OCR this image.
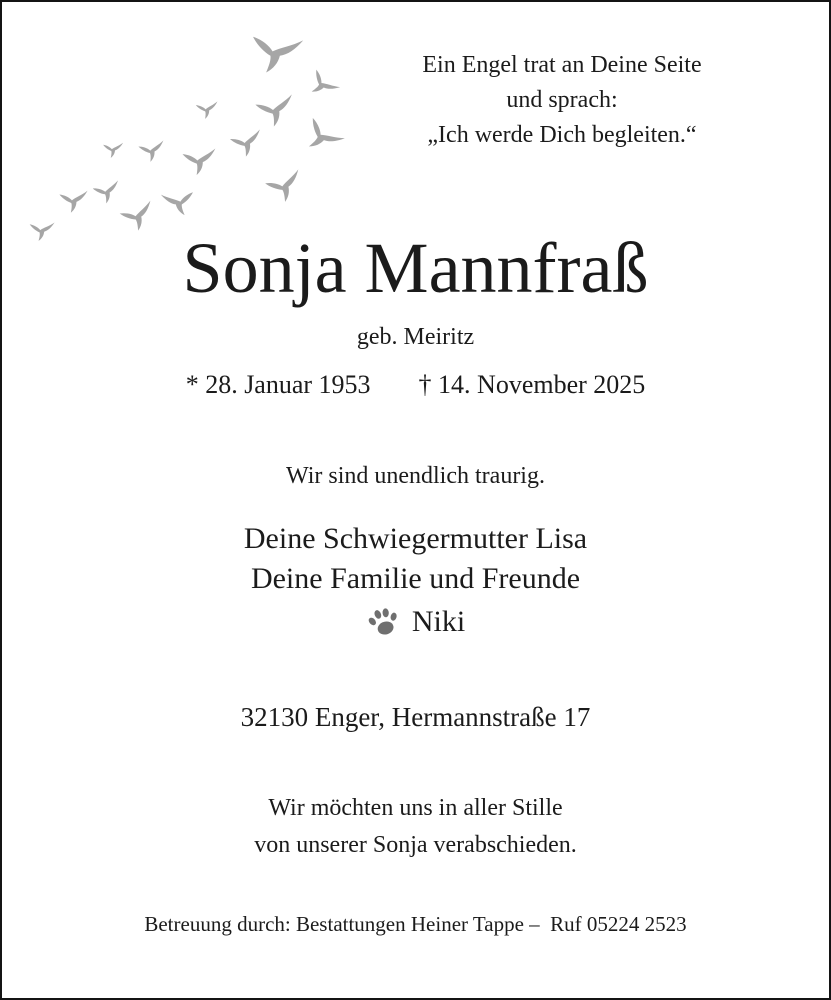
Ein Engel trat an Deine Seite
und sprach:
„Ich werde Dich begleiten.“
Sonja Mannfraß
geb. Meiritz
* 28. Januar 1953 † 14. November 2025
Wir sind unendlich traurig.
Deine Schwiegermutter Lisa
Deine Familie und Freunde
Niki
32130 Enger, Hermannstraße 17
Wir möchten uns in aller Stille
von unserer Sonja verabschieden.
Betreuung durch: Bestattungen Heiner Tappe –  Ruf 05224 2523
